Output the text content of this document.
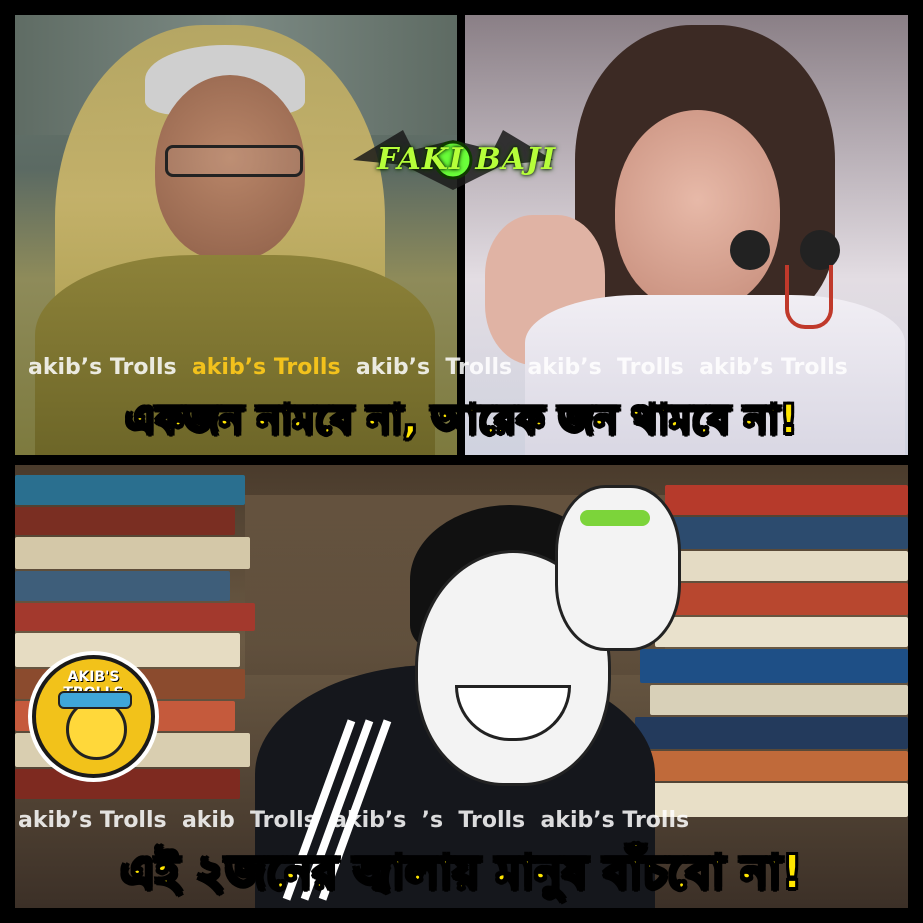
FAKI BAJI
AKIB'S
akib’s Trolls akib’s Trolls akib’s Trolls akib’s Trolls akib’s Trolls
akib’s Trolls akib Trolls akib’s ’s Trolls akib’s Trolls
একজন নামবে না, আরেক জন থামবে না!
এই ২জনের জ্বালায় মানুষ বাঁচবো না!
